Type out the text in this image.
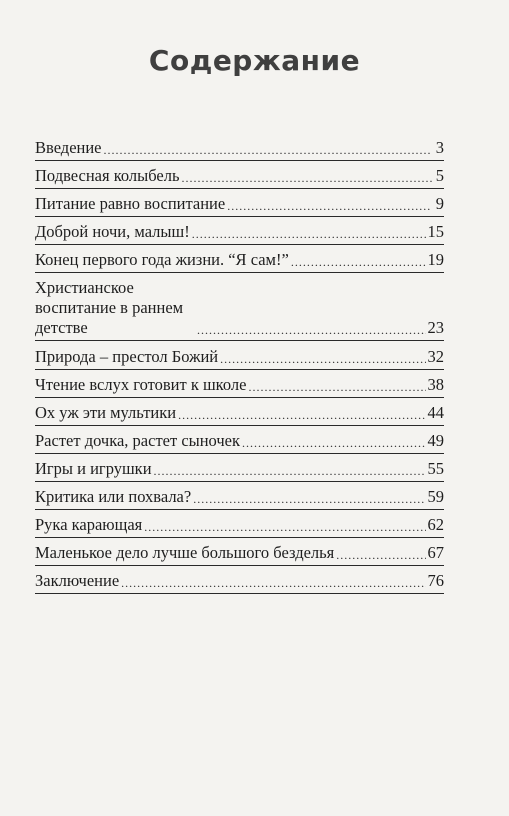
Содержание
Введение .....	3
Подвесная колыбель .....	5
Питание равно воспитание .....	9
Доброй ночи, малыш! .....	15
Конец первого года жизни. “Я сам!” .....	19
Христианское воспитание в раннем детстве .....	23
Природа – престол Божий .....	32
Чтение вслух готовит к школе .....	38
Ох уж эти мультики .....	44
Растет дочка, растет сыночек .....	49
Игры и игрушки .....	55
Критика или похвала? .....	59
Рука карающая .....	62
Маленькое дело лучше большого безделья .....	67
Заключение .....	76
